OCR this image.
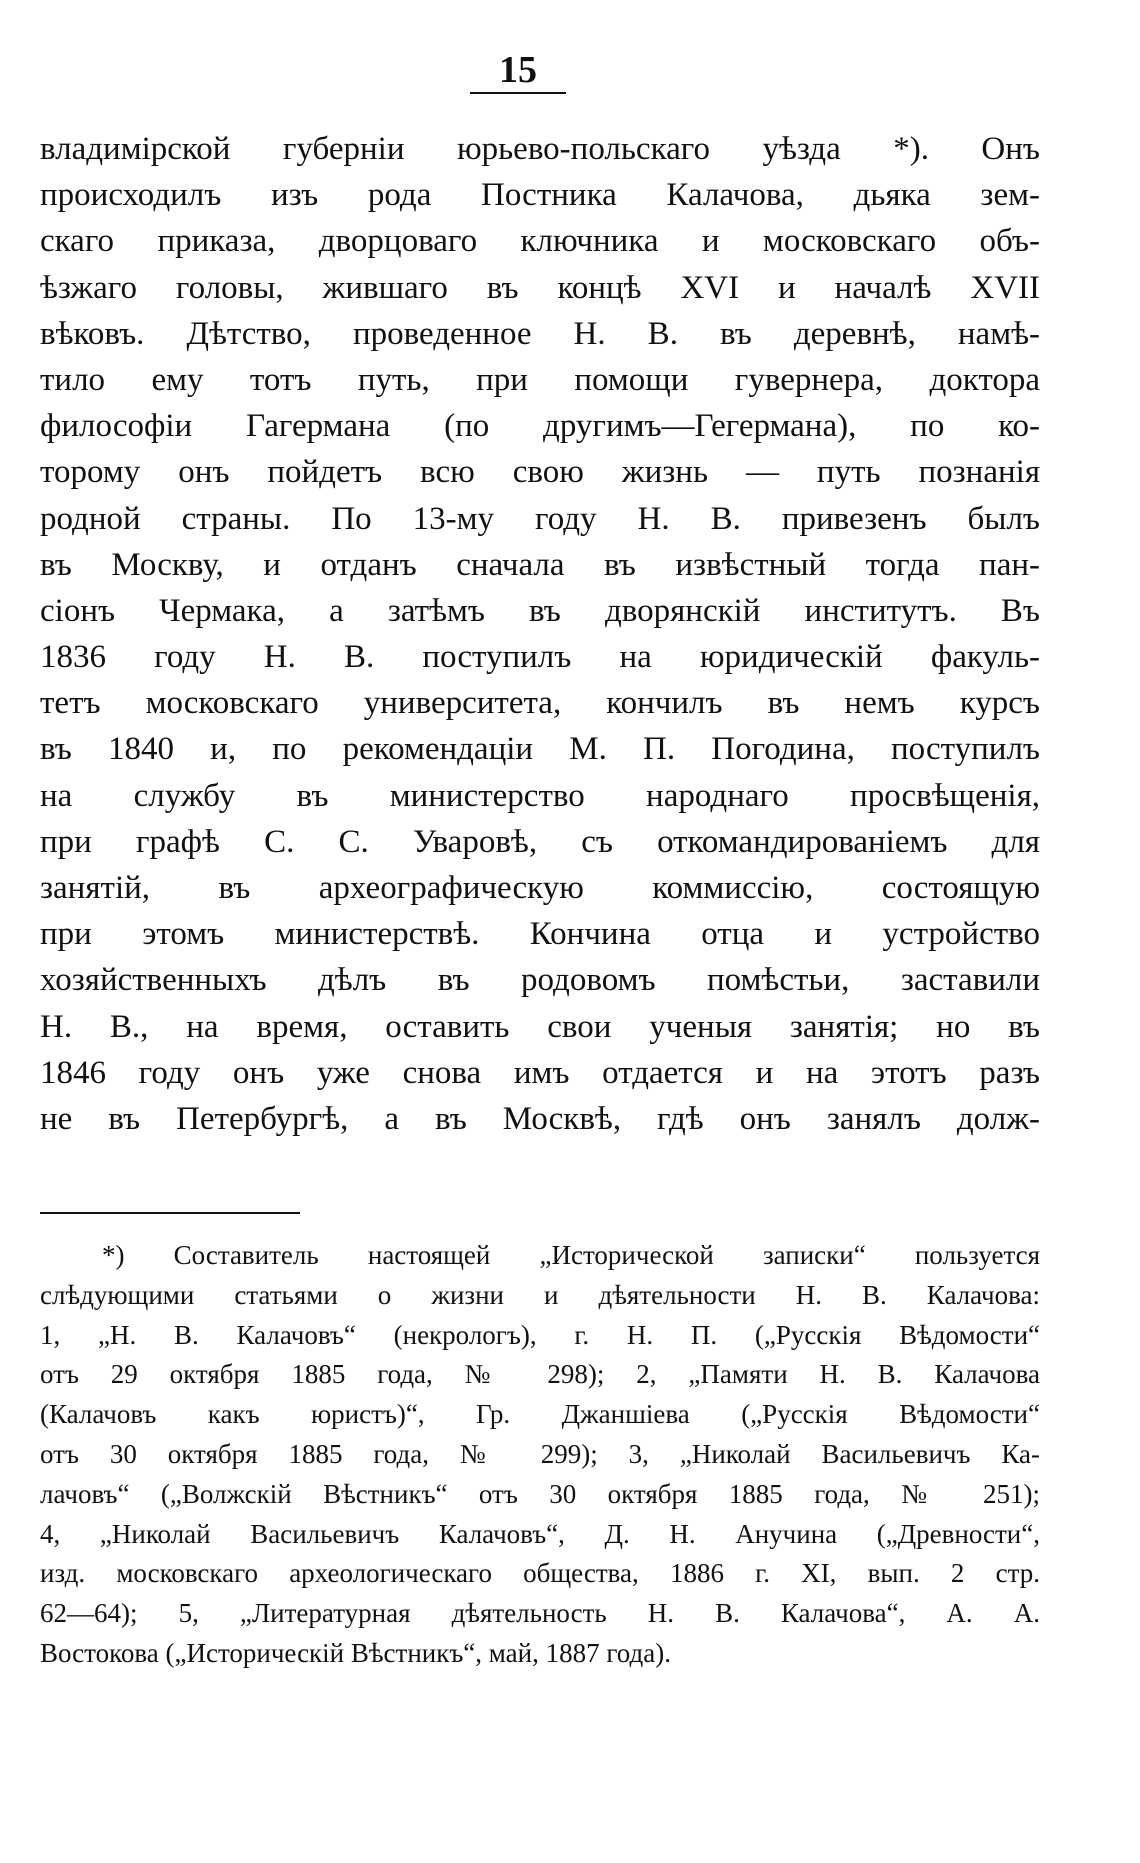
15
владимірской губерніи юрьево-польскаго уѣзда *). Онъ
происходилъ изъ рода Постника Калачова, дьяка зем-
скаго приказа, дворцоваго ключника и московскаго объ-
ѣзжаго головы, жившаго въ концѣ XVI и началѣ XVII
вѣковъ. Дѣтство, проведенное Н. В. въ деревнѣ, намѣ-
тило ему тотъ путь, при помощи гувернера, доктора
философіи Гагермана (по другимъ—Гегермана), по ко-
торому онъ пойдетъ всю свою жизнь — путь познанія
родной страны. По 13-му году Н. В. привезенъ былъ
въ Москву, и отданъ сначала въ извѣстный тогда пан-
сіонъ Чермака, а затѣмъ въ дворянскій институтъ. Въ
1836 году Н. В. поступилъ на юридическій факуль-
тетъ московскаго университета, кончилъ въ немъ курсъ
въ 1840 и, по рекомендаціи М. П. Погодина, поступилъ
на службу въ министерство народнаго просвѣщенія,
при графѣ С. С. Уваровѣ, съ откомандированіемъ для
занятій, въ археографическую коммиссію, состоящую
при этомъ министерствѣ. Кончина отца и устройство
хозяйственныхъ дѣлъ въ родовомъ помѣстьи, заставили
Н. В., на время, оставить свои ученыя занятія; но въ
1846 году онъ уже снова имъ отдается и на этотъ разъ
не въ Петербургѣ, а въ Москвѣ, гдѣ онъ занялъ долж-
*) Составитель настоящей „Исторической записки“ пользуется
слѣдующими статьями о жизни и дѣятельности Н. В. Калачова:
1, „Н. В. Калачовъ“ (некрологъ), г. Н. П. („Русскія Вѣдомости“
отъ 29 октября 1885 года, № 298); 2, „Памяти Н. В. Калачова
(Калачовъ какъ юристъ)“, Гр. Джаншіева („Русскія Вѣдомости“
отъ 30 октября 1885 года, № 299); 3, „Николай Васильевичъ Ка-
лачовъ“ („Волжскій Вѣстникъ“ отъ 30 октября 1885 года, № 251);
4, „Николай Васильевичъ Калачовъ“, Д. Н. Анучина („Древности“,
изд. московскаго археологическаго общества, 1886 г. XI, вып. 2 стр.
62—64); 5, „Литературная дѣятельность Н. В. Калачова“, А. А.
Востокова („Историческій Вѣстникъ“, май, 1887 года).
